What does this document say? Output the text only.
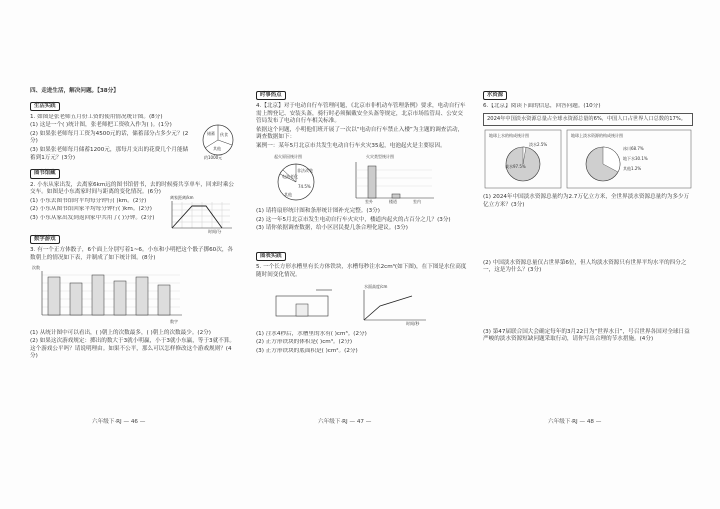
四、走进生活，解决问题。【38分】
生活实践
1. 如图是张老师五月份工资的使用情况统计图。(8分)
(1) 这是一个( )统计图，张老师把工资收入作为( )。(1分)
(2) 如果张老师每月工资为4500元的话，储蓄部分占多少元？(2分)
(3) 如果张老师每月储蓄1200元，那每月支出的花费几个月能储蓄到1万元？(3分)
储蓄 伙食
其他
约1000元
图书馆藏
2. 小东从家出发，去离家6km远的图书馆借书，去的时候骑共享单车，回来时乘公交车。如图是小东离家时间与距离的变化情况。(6分)
(1) 小东去图书馆时平均每分钟行( )km。(2分)
(2) 小东从图书馆回家平均每分钟行( )km。(2分)
(3) 小东从家出发到返回家中共用了( )分钟。(2分)
离家距离/km
时间/分
数学游戏
3. 有一个正方体骰子，6个面上分别写着1~6。小东和小明把这个骰子掷60次，各数朝上的情况如下表，并制成了如下统计图。(8分)
次数
数字
(1) 从统计图中可以看出，( )朝上的次数最多，( )朝上的次数最少。(2分)
(2) 如果这次游戏规定：掷出的数大于3就小明赢，小于3就小东赢，等于3就不算。这个游戏公平吗？请说明理由。如果不公平，那么可以怎样修改这个游戏规则？(4分)
时事热点
4.【北京】对于电动自行车管理问题，《北京市非机动车管理条例》要求，电动自行车需上牌登记、安装头盔，骑行时必须佩戴安全头盔等规定，北京市场监管局、公安交管局发布了电动自行车相关标准。
依据这个问题，小明他们班开展了一次以“电动自行车禁止入楼”为主题的调查活动，调查数据如下：
案例一：某年5月北京市共发生电动自行车火灾35起，电池起火是主要原因。
起火原因统计图
电池老化
非法改装
其他
74.5%
火灾类型统计图
室外	楼道	室内
(1) 请将扇形统计图和条形统计图补充完整。(3分)
(2) 这一年5月北京市发生电动自行车火灾中，楼道内起火的占百分之几？(3分)
(3) 请你依据调查数据，给小区居民提几条合理化建议。(3分)
图表实践
5. 一个长方形水槽里有长方体铁块，水槽每秒注水2cm³(如下图)，在下图是水位高度随时间变化情况。
水面高度/cm
时间/秒
(1) 注水4秒后，水槽里的水有( )cm³。(2分)
(2) 正方形铁块的体积是( )cm³。(2分)
(3) 正方形铁块的底面积是( )cm²。(2分)
水资源
6.【北京】阅读下面的信息，回答问题。(10分)
2024年中国淡水资源总量占全球水资源总量的6%，中国人口占世界人口总数的17%。
地球上水的构成统计图
咸水97.5%
淡水2.5%
地球上淡水资源的构成统计图
冰川68.7%
地下水30.1%
其他1.2%
(1) 2024年中国淡水资源总量约为2.7万亿立方米，全世界淡水资源总量约为多少万亿立方米？(3分)
(2) 中国淡水资源总量仅占世界第6位，但人均淡水资源只有世界平均水平的四分之一，这是为什么？(3分)
(3) 第47届联合国大会确定每年的3月22日为“世界水日”，号召世界各国对全球日益严峻的淡水资源短缺问题采取行动，请你写出合理的节水措施。(4分)
六年级下·RJ — 46 —	六年级下·RJ — 47 —	六年级下·RJ — 48 —
